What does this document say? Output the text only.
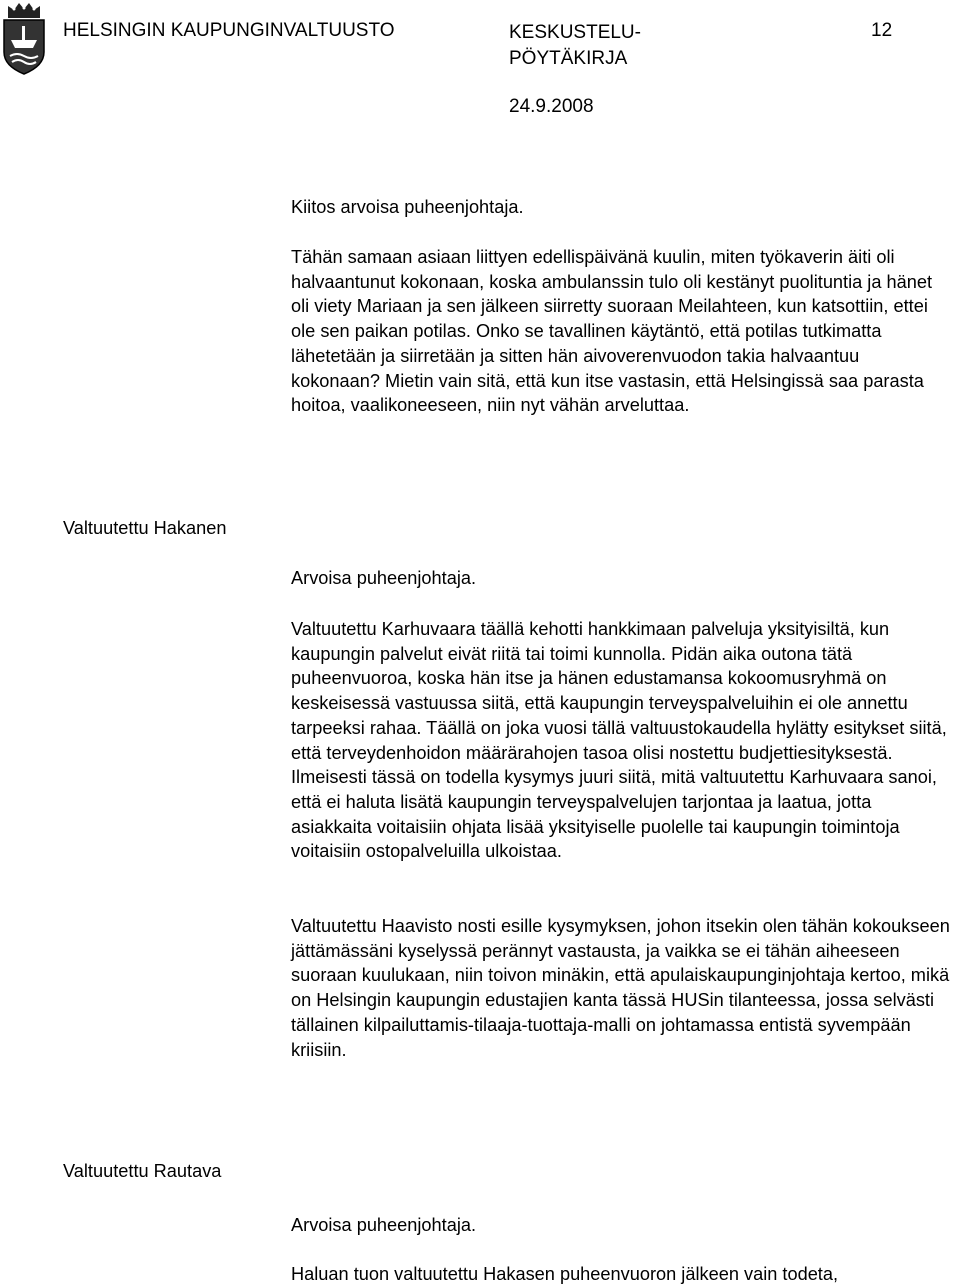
HELSINGIN KAUPUNGINVALTUUSTO	KESKUSTELU-
PÖYTÄKIRJA
12
24.9.2008

Kiitos arvoisa puheenjohtaja.

Tähän samaan asiaan liittyen edellispäivänä kuulin, miten työkaverin äiti oli halvaantunut kokonaan, koska ambulanssin tulo oli kestänyt puolituntia ja hänet oli viety Mariaan ja sen jälkeen siirretty suoraan Meilahteen, kun katsottiin, ettei ole sen paikan potilas. Onko se tavallinen käytäntö, että potilas tutkimatta lähetetään ja siirretään ja sitten hän aivoverenvuodon takia halvaantuu kokonaan? Mietin vain sitä, että kun itse vastasin, että Helsingissä saa parasta hoitoa, vaalikoneeseen, niin nyt vähän arveluttaa.

Valtuutettu Hakanen

Arvoisa puheenjohtaja.

Valtuutettu Karhuvaara täällä kehotti hankkimaan palveluja yksityisiltä, kun kaupungin palvelut eivät riitä tai toimi kunnolla. Pidän aika outona tätä puheenvuoroa, koska hän itse ja hänen edustamansa kokoomusryhmä on keskeisessä vastuussa siitä, että kaupungin terveyspalveluihin ei ole annettu tarpeeksi rahaa. Täällä on joka vuosi tällä valtuustokaudella hylätty esitykset siitä, että terveydenhoidon määrärahojen tasoa olisi nostettu budjettiesityksestä. Ilmeisesti tässä on todella kysymys juuri siitä, mitä valtuutettu Karhuvaara sanoi, että ei haluta lisätä kaupungin terveyspalvelujen tarjontaa ja laatua, jotta asiakkaita voitaisiin ohjata lisää yksityiselle puolelle tai kaupungin toimintoja voitaisiin ostopalveluilla ulkoistaa.

Valtuutettu Haavisto nosti esille kysymyksen, johon itsekin olen tähän kokoukseen jättämässäni kyselyssä perännyt vastausta, ja vaikka se ei tähän aiheeseen suoraan kuulukaan, niin toivon minäkin, että apulaiskaupunginjohtaja kertoo, mikä on Helsingin kaupungin edustajien kanta tässä HUSin tilanteessa, jossa selvästi tällainen kilpailuttamis-tilaaja-tuottaja-malli on johtamassa entistä syvempään kriisiin.

Valtuutettu Rautava

Arvoisa puheenjohtaja.

Haluan tuon valtuutettu Hakasen puheenvuoron jälkeen vain todeta,
